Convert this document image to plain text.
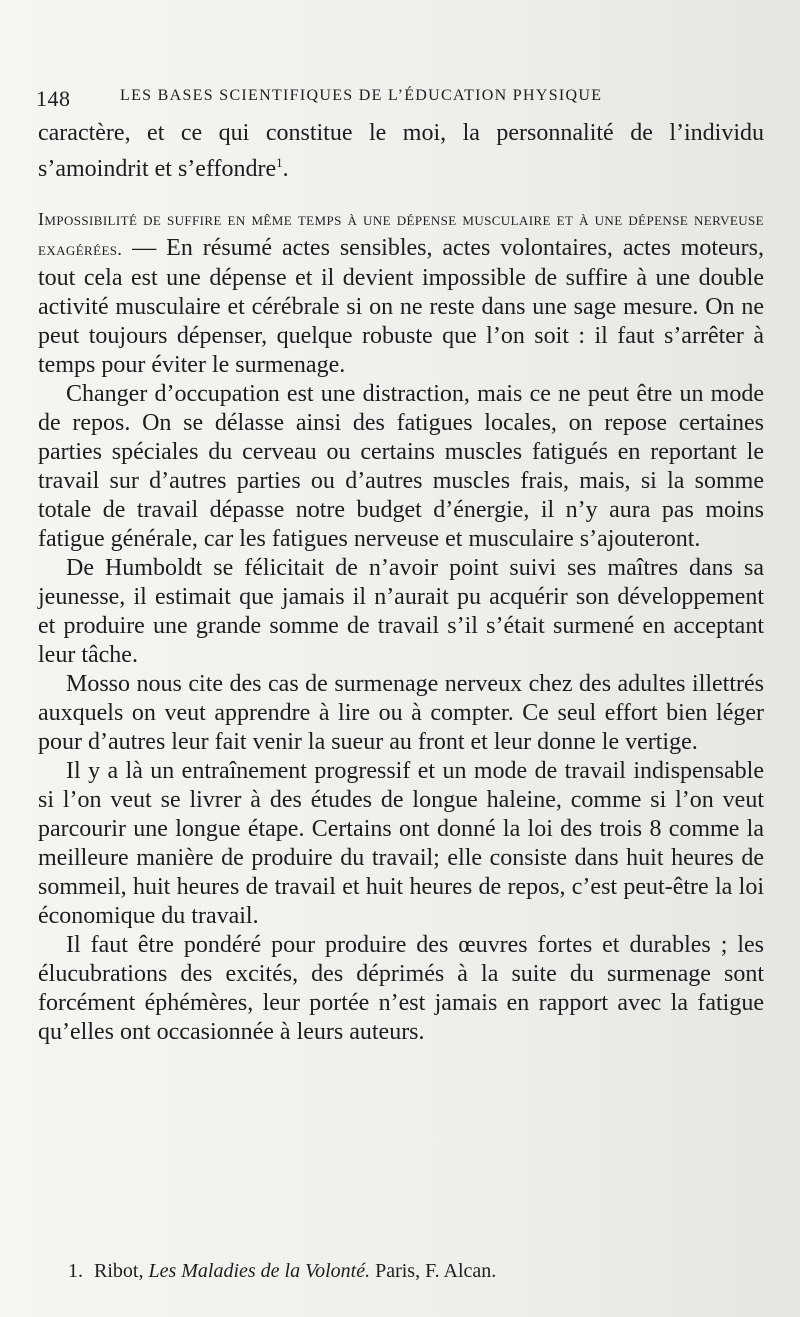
148	LES BASES SCIENTIFIQUES DE L’ÉDUCATION PHYSIQUE

caractère, et ce qui constitue le moi, la personnalité de l’individu s’amoindrit et s’effondre$^1$.

Impossibilité de suffire en même temps à une dépense musculaire et à une dépense nerveuse exagérées. — En résumé actes sensibles, actes volontaires, actes moteurs, tout cela est une dépense et il devient impossible de suffire à une double activité musculaire et cérébrale si on ne reste dans une sage mesure. On ne peut toujours dépenser, quelque robuste que l’on soit : il faut s’arrêter à temps pour éviter le surmenage.

Changer d’occupation est une distraction, mais ce ne peut être un mode de repos. On se délasse ainsi des fatigues locales, on repose certaines parties spéciales du cerveau ou certains muscles fatigués en reportant le travail sur d’autres parties ou d’autres muscles frais, mais, si la somme totale de travail dépasse notre budget d’énergie, il n’y aura pas moins fatigue générale, car les fatigues nerveuse et musculaire s’ajouteront.

De Humboldt se félicitait de n’avoir point suivi ses maîtres dans sa jeunesse, il estimait que jamais il n’aurait pu acquérir son développement et produire une grande somme de travail s’il s’était surmené en acceptant leur tâche.

Mosso nous cite des cas de surmenage nerveux chez des adultes illettrés auxquels on veut apprendre à lire ou à compter. Ce seul effort bien léger pour d’autres leur fait venir la sueur au front et leur donne le vertige.

Il y a là un entraînement progressif et un mode de travail indispensable si l’on veut se livrer à des études de longue haleine, comme si l’on veut parcourir une longue étape. Certains ont donné la loi des trois 8 comme la meilleure manière de produire du travail; elle consiste dans huit heures de sommeil, huit heures de travail et huit heures de repos, c’est peut-être la loi économique du travail.

Il faut être pondéré pour produire des œuvres fortes et durables ; les élucubrations des excités, des déprimés à la suite du surmenage sont forcément éphémères, leur portée n’est jamais en rapport avec la fatigue qu’elles ont occasionnée à leurs auteurs.

1. Ribot, Les Maladies de la Volonté. Paris, F. Alcan.
